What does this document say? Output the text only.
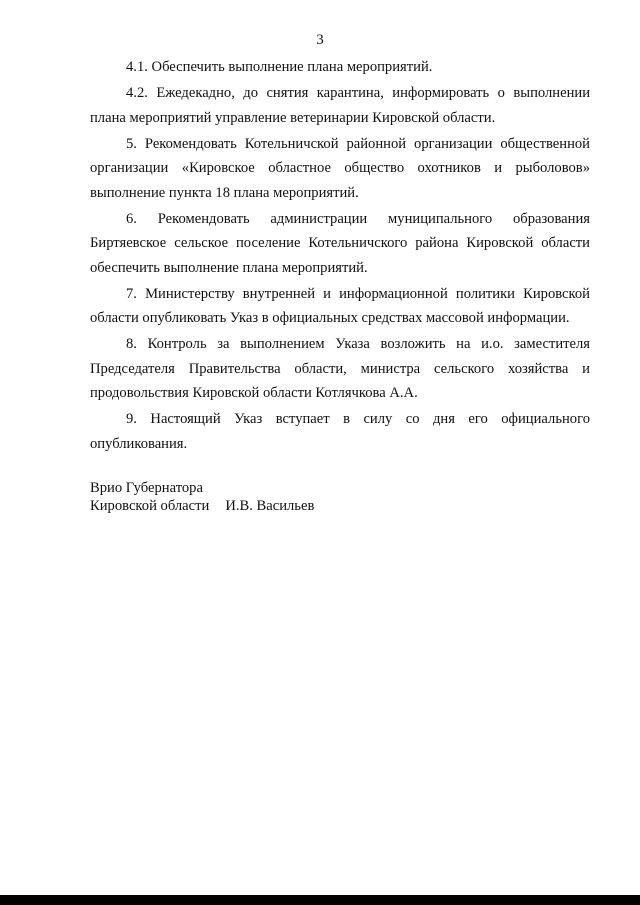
3

4.1. Обеспечить выполнение плана мероприятий.

4.2. Ежедекадно, до снятия карантина, информировать о выполнении плана мероприятий управление ветеринарии Кировской области.

5. Рекомендовать Котельничской районной организации общественной организации «Кировское областное общество охотников и рыболовов» выполнение пункта 18 плана мероприятий.

6. Рекомендовать администрации муниципального образования Биртяевское сельское поселение Котельничского района Кировской области обеспечить выполнение плана мероприятий.

7. Министерству внутренней и информационной политики Кировской области опубликовать Указ в официальных средствах массовой информации.

8. Контроль за выполнением Указа возложить на и.о. заместителя Председателя Правительства области, министра сельского хозяйства и продовольствия Кировской области Котлячкова А.А.

9. Настоящий Указ вступает в силу со дня его официального опубликования.

Врио Губернатора
Кировской области И.В. Васильев
